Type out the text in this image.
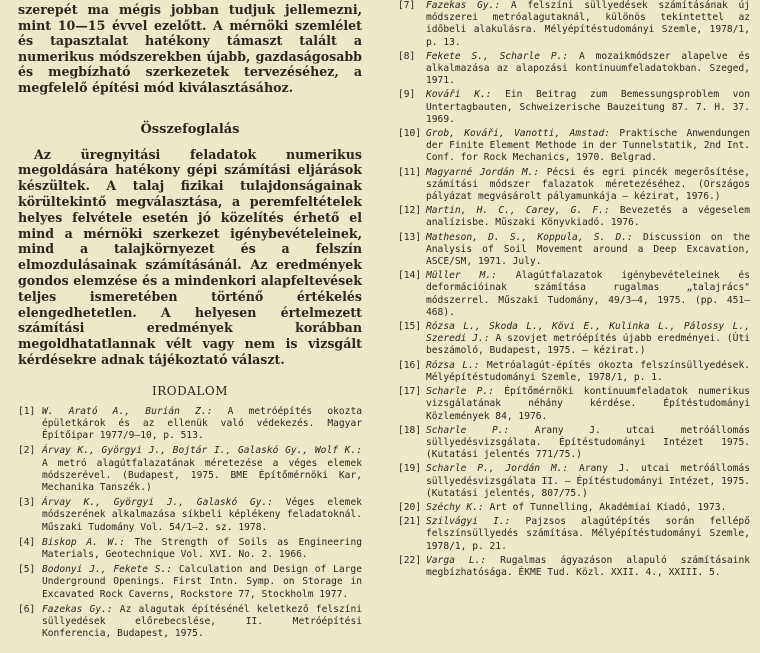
szerepét ma mégis jobban tudjuk jellemezni, mint 10—15 évvel ezelőtt. A mérnöki szemlélet és tapasztalat hatékony támaszt talált a numerikus módszerekben újabb, gazdaságosabb és megbízható szerkezetek tervezéséhez, a megfelelő építési mód kiválasztásához.

Összefoglalás

Az üregnyitási feladatok numerikus megoldására hatékony gépi számítási eljárások készültek. A talaj fizikai tulajdonságainak körültekintő megválasztása, a peremfeltételek helyes felvétele esetén jó közelítés érhető el mind a mérnöki szerkezet igénybevételeinek, mind a talajkörnyezet és a felszín elmozdulásainak számításánál. Az eredmények gondos elemzése és a mindenkori alapfeltevések teljes ismeretében történő értékelés elengedhetetlen. A helyesen értelmezett számítási eredmények korábban megoldhatatlannak vélt vagy nem is vizsgált kérdésekre adnak tájékoztató választ.

IRODALOM

[1] W. Arató A., Burián Z.: A metróépítés okozta épületkárok és az ellenük való védekezés. Magyar Építőipar 1977/9—10, p. 513.

[2] Árvay K., Györgyi J., Bojtár I., Galaskó Gy., Wolf K.: A metró alagútfalazatának méretezése a véges elemek módszerével. (Budapest, 1975. BME Építőmérnöki Kar, Mechanika Tanszék.)

[3] Árvay K., Györgyi J., Galaskó Gy.: Véges elemek módszerének alkalmazása síkbeli képlékeny feladatoknál. Műszaki Tudomány Vol. 54/1—2. sz. 1978.

[4] Biskop A. W.: The Strength of Soils as Engineering Materials, Geotechnique Vol. XVI. No. 2. 1966.

[5] Bodonyi J., Fekete S.: Calculation and Design of Large Underground Openings. First Intn. Symp. on Storage in Excavated Rock Caverns, Rockstore 77, Stockholm 1977.

[6] Fazekas Gy.: Az alagutak építésénél keletkező felszíni süllyedések előrebecslése, II. Metróépítési Konferencia, Budapest, 1975.

[7] Fazekas Gy.: A felszíni süllyedések számításának új módszerei metróalagutaknál, különös tekintettel az időbeli alakulásra. Mélyépítéstudományi Szemle, 1978/1, p. 13.

[8] Fekete S., Scharle P.: A mozaikmódszer alapelve és alkalmazása az alapozási kontinuumfeladatokban. Szeged, 1971.

[9] Kováři K.: Ein Beitrag zum Bemessungsproblem von Untertagbauten, Schweizerische Bauzeitung 87. 7. H. 37. 1969.

[10] Grob, Kováři, Vanotti, Amstad: Praktische Anwendungen der Finite Element Methode in der Tunnelstatik, 2nd Int. Conf. for Rock Mechanics, 1970. Belgrad.

[11] Magyarné Jordán M.: Pécsi és egri pincék megerősítése, számítási módszer falazatok méretezéséhez. (Országos pályázat megvásárolt pályamunkája — kézirat, 1976.)

[12] Martin, H. C., Carey, G. F.: Bevezetés a végeselem analízisbe. Műszaki Könyvkiadó. 1976.

[13] Matheson, D. S., Koppula, S. D.: Discussion on the Analysis of Soil Movement around a Deep Excavation, ASCE/SM, 1971. July.

[14] Müller M.: Alagútfalazatok igénybevételeinek és deformációinak számítása rugalmas „talajrács" módszerrel. Műszaki Tudomány, 49/3—4, 1975. (pp. 451—468).

[15] Rózsa L., Skoda L., Kövi E., Kulinka L., Pálossy L., Szeredi J.: A szovjet metróépítés újabb eredményei. (Úti beszámoló, Budapest, 1975. — kézirat.)

[16] Rózsa L.: Metróalagút-építés okozta felszínsüllyedések. Mélyépítéstudományi Szemle, 1978/1, p. 1.

[17] Scharle P.: Építőmérnöki kontinuumfeladatok numerikus vizsgálatának néhány kérdése. Építéstudományi Közlemények 84, 1976.

[18] Scharle P.: Arany J. utcai metróállomás süllyedésvizsgálata. Építéstudományi Intézet 1975. (Kutatási jelentés 771/75.)

[19] Scharle P., Jordán M.: Arany J. utcai metróállomás süllyedésvizsgálata II. — Építéstudományi Intézet, 1975. (Kutatási jelentés, 807/75.)

[20] Széchy K.: Art of Tunnelling, Akadémiai Kiadó, 1973.

[21] Szilvágyi I.: Pajzsos alagútépítés során fellépő felszínsüllyedés számítása. Mélyépítéstudományi Szemle, 1978/1, p. 21.

[22] Varga L.: Rugalmas ágyazáson alapuló számításaink megbízhatósága. ÉKME Tud. Közl. XXII. 4., XXIII. 5.
